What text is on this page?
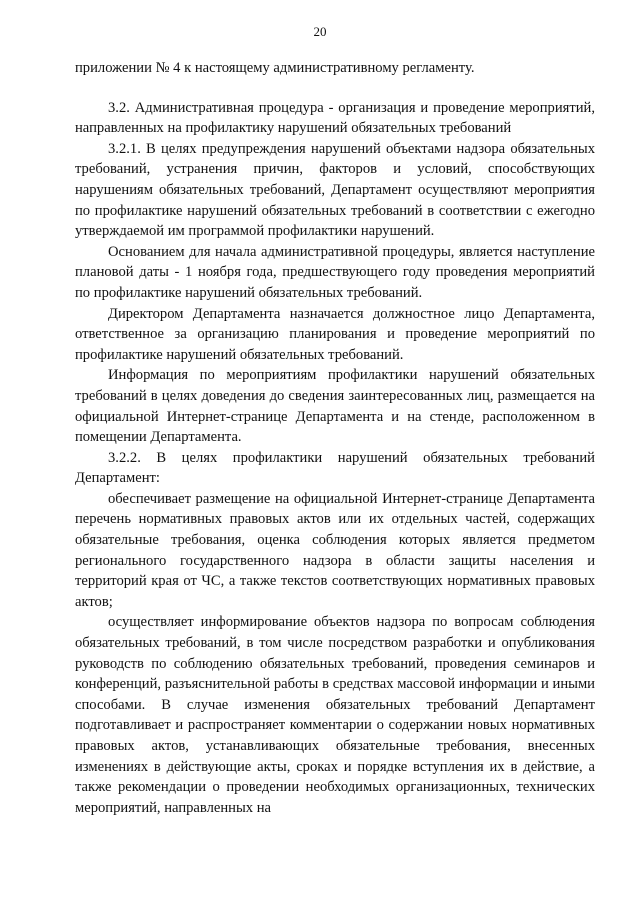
20

приложении № 4 к настоящему административному регламенту.

3.2. Административная процедура - организация и проведение мероприятий, направленных на профилактику нарушений обязательных требований

3.2.1. В целях предупреждения нарушений объектами надзора обязательных требований, устранения причин, факторов и условий, способствующих нарушениям обязательных требований, Департамент осуществляют мероприятия по профилактике нарушений обязательных требований в соответствии с ежегодно утверждаемой им программой профилактики нарушений.

Основанием для начала административной процедуры, является наступление плановой даты - 1 ноября года, предшествующего году проведения мероприятий по профилактике нарушений обязательных требований.

Директором Департамента назначается должностное лицо Департамента, ответственное за организацию планирования и проведение мероприятий по профилактике нарушений обязательных требований.

Информация по мероприятиям профилактики нарушений обязательных требований в целях доведения до сведения заинтересованных лиц, размещается на официальной Интернет-странице Департамента и на стенде, расположенном в помещении Департамента.

3.2.2. В целях профилактики нарушений обязательных требований Департамент:

обеспечивает размещение на официальной Интернет-странице Департамента перечень нормативных правовых актов или их отдельных частей, содержащих обязательные требования, оценка соблюдения которых является предметом регионального государственного надзора в области защиты населения и территорий края от ЧС, а также текстов соответствующих нормативных правовых актов;

осуществляет информирование объектов надзора по вопросам соблюдения обязательных требований, в том числе посредством разработки и опубликования руководств по соблюдению обязательных требований, проведения семинаров и конференций, разъяснительной работы в средствах массовой информации и иными способами. В случае изменения обязательных требований Департамент подготавливает и распространяет комментарии о содержании новых нормативных правовых актов, устанавливающих обязательные требования, внесенных изменениях в действующие акты, сроках и порядке вступления их в действие, а также рекомендации о проведении необходимых организационных, технических мероприятий, направленных на
